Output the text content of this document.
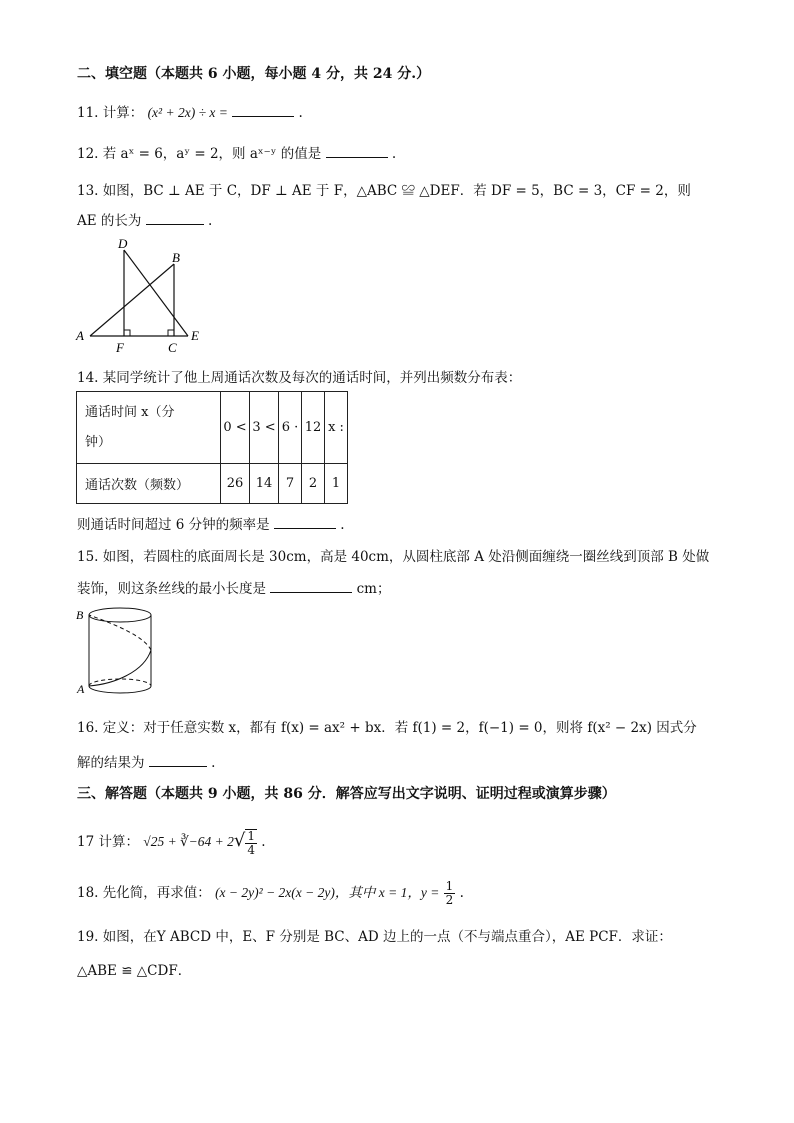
二、填空题（本题共 6 小题，每小题 4 分，共 24 分.）
11. 计算： (x² + 2x) ÷ x =	.
12. 若 aˣ = 6，aʸ = 2，则 aˣ⁻ʸ 的值是	.
13. 如图，BC ⊥ AE 于 C，DF ⊥ AE 于 F，△ABC ≌ △DEF．若 DF = 5，BC = 3，CF = 2，则
AE 的长为	.
D
B
A	E
F	C
14. 某同学统计了他上周通话次数及每次的通话时间，并列出频数分布表：
通话时间 x（分
钟）	0 <	3 <	6 ·	12	x :
通话次数（频数）	26	14	7	2	1
则通话时间超过 6 分钟的频率是	.
15. 如图，若圆柱的底面周长是 30cm，高是 40cm，从圆柱底部 A 处沿侧面缠绕一圈丝线到顶部 B 处做
装饰，则这条丝线的最小长度是	cm；
B
A
16. 定义：对于任意实数 x，都有 f(x) = ax² + bx．若 f(1) = 2，f(−1) = 0，则将 f(x² − 2x) 因式分
解的结果为	.
三、解答题（本题共 9 小题，共 86 分．解答应写出文字说明、证明过程或演算步骤）
17 计算： √25 + ∛−64 + $2√ \frac{1}{4}$ .
18. 先化简，再求值： (x − 2y)² − 2x(x − 2y)，其中 x = 1，$y = \frac{1}{2}$ .
19. 如图，在Y ABCD 中，E、F 分别是 BC、AD 边上的一点（不与端点重合），AE PCF．求证：
△ABE ≌ △CDF．
